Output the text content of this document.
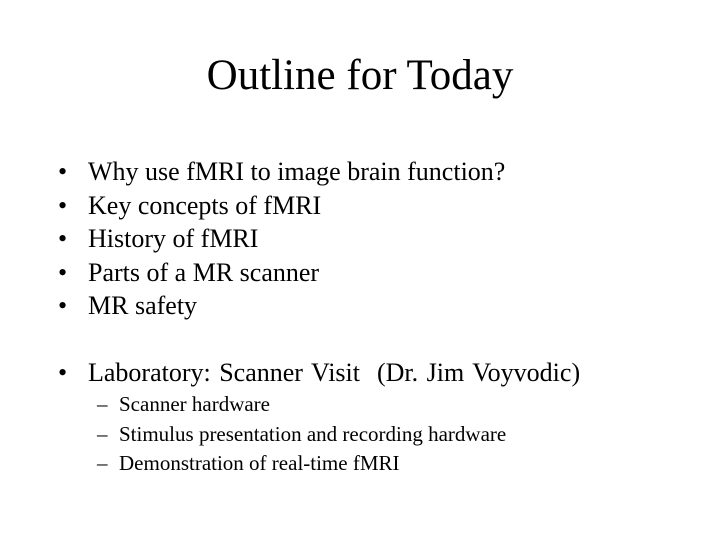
Outline for Today
• Why use fMRI to image brain function?
• Key concepts of fMRI
• History of fMRI
• Parts of a MR scanner
• MR safety
• Laboratory: Scanner Visit  (Dr. Jim Voyvodic)
– Scanner hardware
– Stimulus presentation and recording hardware
– Demonstration of real-time fMRI
